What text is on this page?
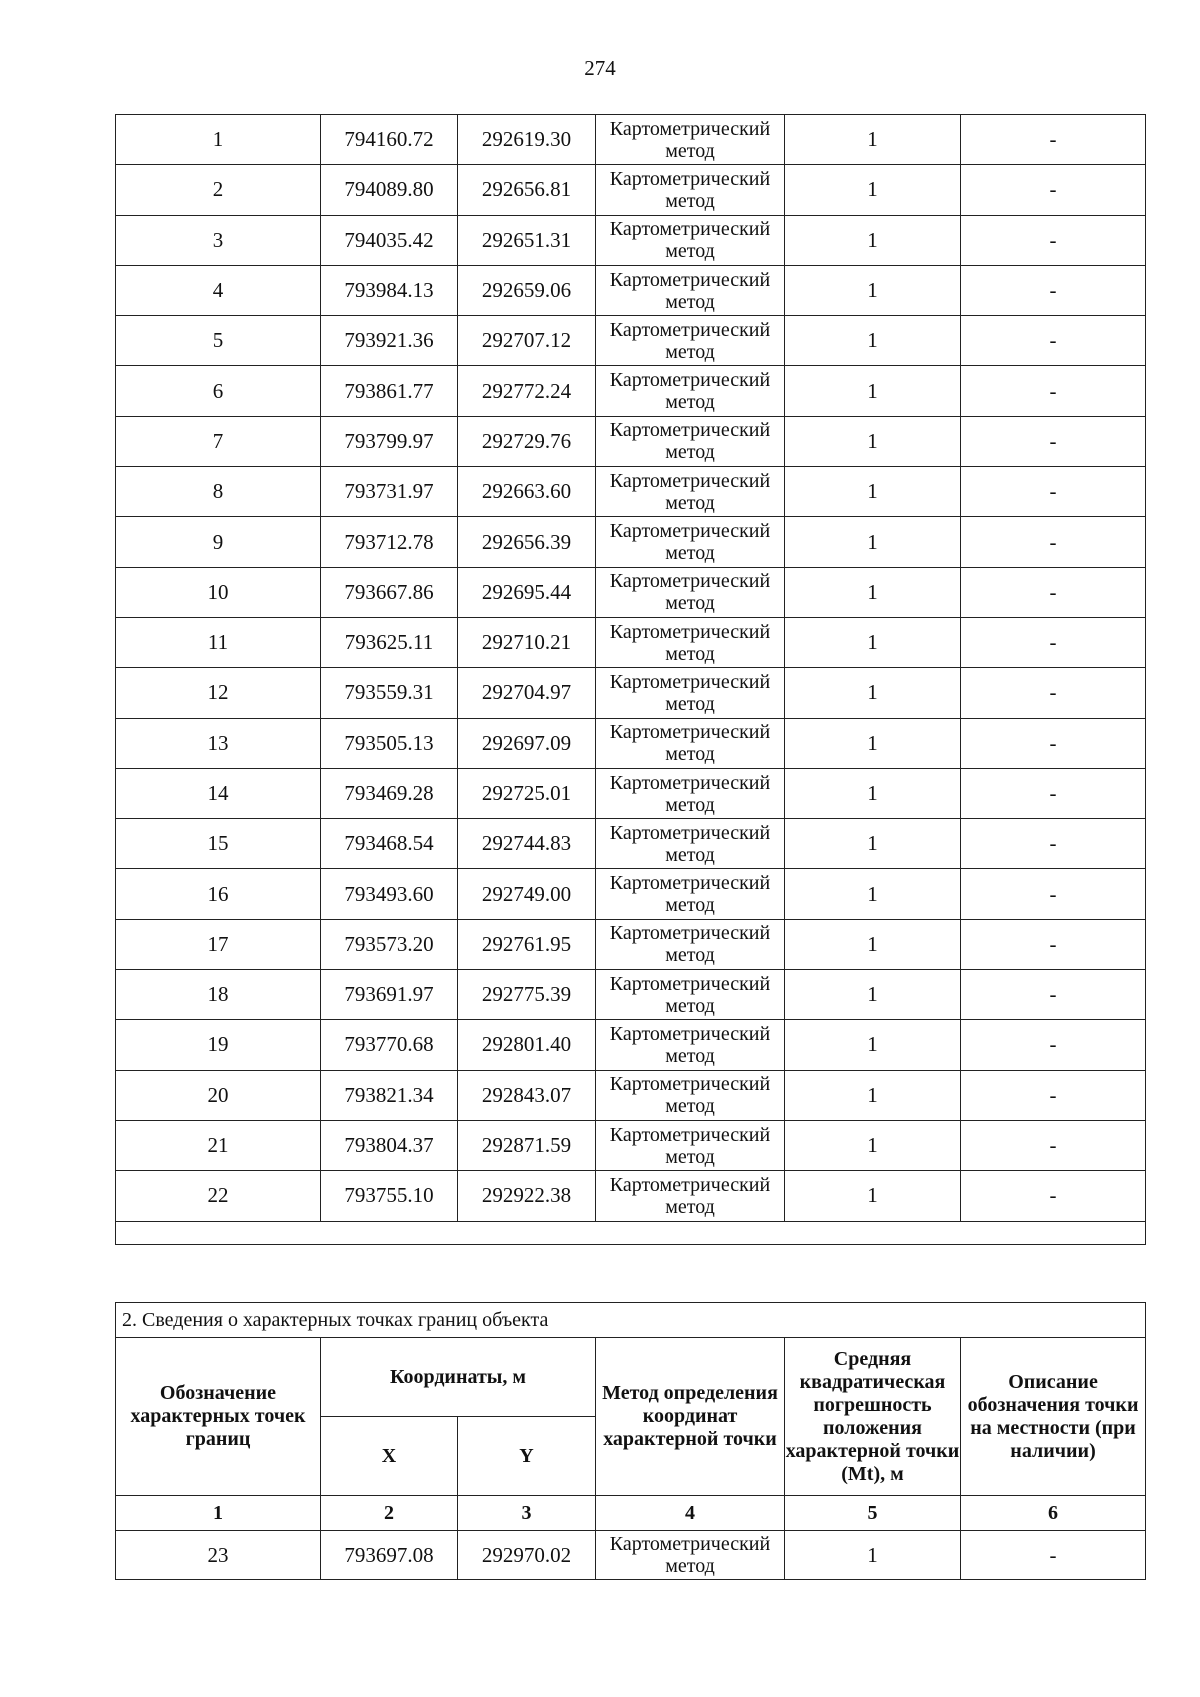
274
1	794160.72	292619.30	Картометрический метод	1	-
2	794089.80	292656.81	Картометрический метод	1	-
3	794035.42	292651.31	Картометрический метод	1	-
4	793984.13	292659.06	Картометрический метод	1	-
5	793921.36	292707.12	Картометрический метод	1	-
6	793861.77	292772.24	Картометрический метод	1	-
7	793799.97	292729.76	Картометрический метод	1	-
8	793731.97	292663.60	Картометрический метод	1	-
9	793712.78	292656.39	Картометрический метод	1	-
10	793667.86	292695.44	Картометрический метод	1	-
11	793625.11	292710.21	Картометрический метод	1	-
12	793559.31	292704.97	Картометрический метод	1	-
13	793505.13	292697.09	Картометрический метод	1	-
14	793469.28	292725.01	Картометрический метод	1	-
15	793468.54	292744.83	Картометрический метод	1	-
16	793493.60	292749.00	Картометрический метод	1	-
17	793573.20	292761.95	Картометрический метод	1	-
18	793691.97	292775.39	Картометрический метод	1	-
19	793770.68	292801.40	Картометрический метод	1	-
20	793821.34	292843.07	Картометрический метод	1	-
21	793804.37	292871.59	Картометрический метод	1	-
22	793755.10	292922.38	Картометрический метод	1	-

2. Сведения о характерных точках границ объекта					
Обозначение характерных точек границ	Координаты, м		Метод определения координат характерной точки	Средняя квадратическая погрешность положения характерной точки (Mt), м	Описание обозначения точки на местности (при наличии)
	X	Y			
1	2	3	4	5	6
23	793697.08	292970.02	Картометрический метод	1	-
